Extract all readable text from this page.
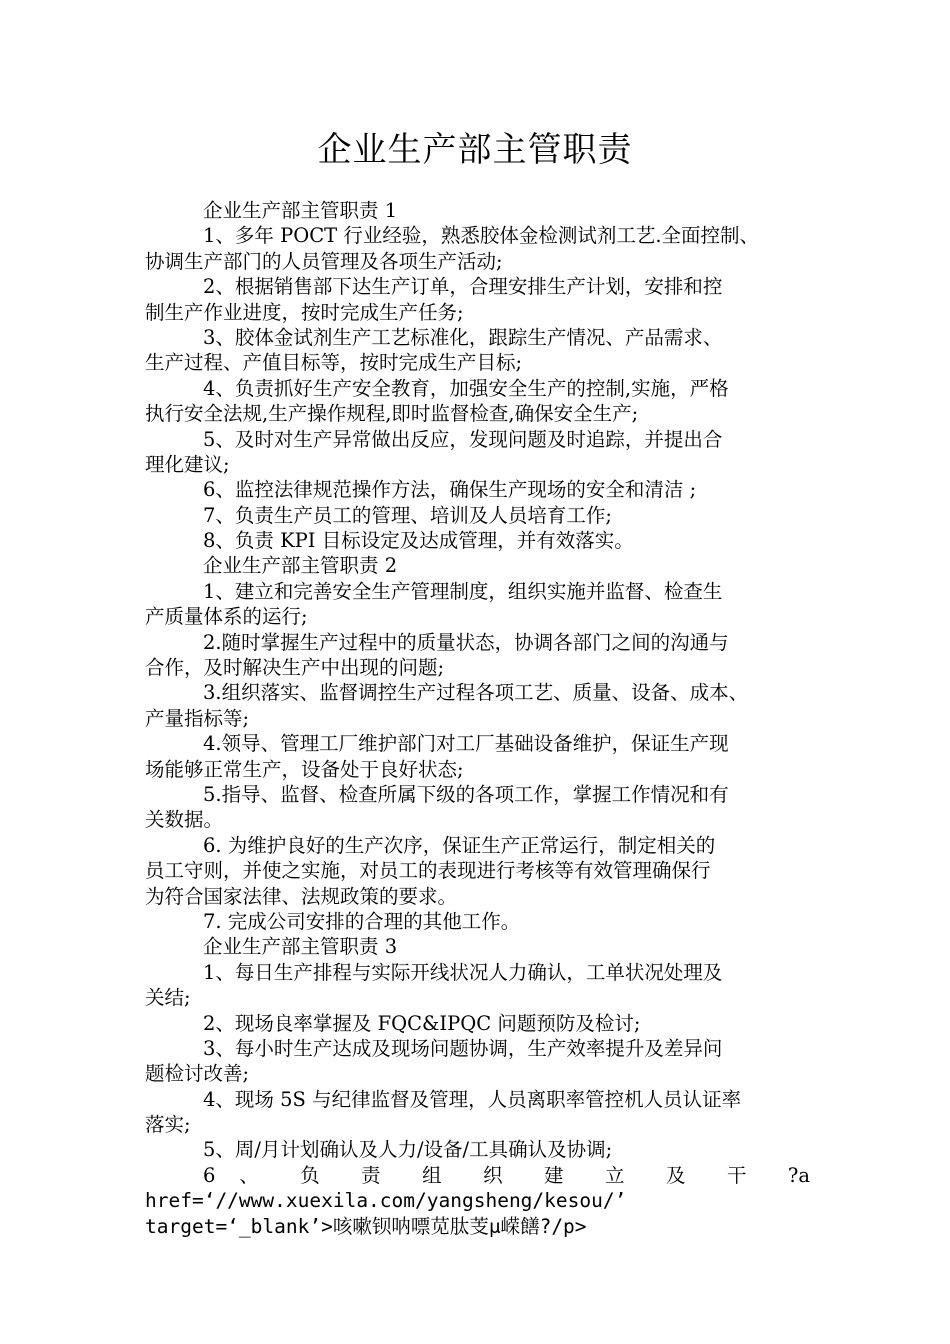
企业生产部主管职责
企业生产部主管职责 1
1、多年 POCT 行业经验，熟悉胶体金检测试剂工艺.全面控制、
协调生产部门的人员管理及各项生产活动;
2、根据销售部下达生产订单，合理安排生产计划，安排和控
制生产作业进度，按时完成生产任务;
3、胶体金试剂生产工艺标准化，跟踪生产情况、产品需求、
生产过程、产值目标等，按时完成生产目标;
4、负责抓好生产安全教育，加强安全生产的控制,实施，严格
执行安全法规,生产操作规程,即时监督检查,确保安全生产;
5、及时对生产异常做出反应，发现问题及时追踪，并提出合
理化建议;
6、监控法律规范操作方法，确保生产现场的安全和清洁 ;
7、负责生产员工的管理、培训及人员培育工作;
8、负责 KPI 目标设定及达成管理，并有效落实。
企业生产部主管职责 2
1、建立和完善安全生产管理制度，组织实施并监督、检查生
产质量体系的运行;
2.随时掌握生产过程中的质量状态，协调各部门之间的沟通与
合作，及时解决生产中出现的问题;
3.组织落实、监督调控生产过程各项工艺、质量、设备、成本、
产量指标等;
4.领导、管理工厂维护部门对工厂基础设备维护，保证生产现
场能够正常生产，设备处于良好状态;
5.指导、监督、检查所属下级的各项工作，掌握工作情况和有
关数据。
6. 为维护良好的生产次序，保证生产正常运行，制定相关的
员工守则，并使之实施，对员工的表现进行考核等有效管理确保行
为符合国家法律、法规政策的要求。
7. 完成公司安排的合理的其他工作。
企业生产部主管职责 3
1、每日生产排程与实际开线状况人力确认，工单状况处理及
关结;
2、现场良率掌握及 FQC&IPQC 问题预防及检讨;
3、每小时生产达成及现场问题协调，生产效率提升及差异问
题检讨改善;
4、现场 5S 与纪律监督及管理，人员离职率管控机人员认证率
落实;
5、周/月计划确认及人力/设备/工具确认及协调;
6 、 负 责 组 织 建 立 及 干 ?a
href=‘//www.xuexila.com/yangsheng/kesou/’
target=‘_blank’>咳嗽钡呐嘌苋肽芰μ嵘饍?/p>
